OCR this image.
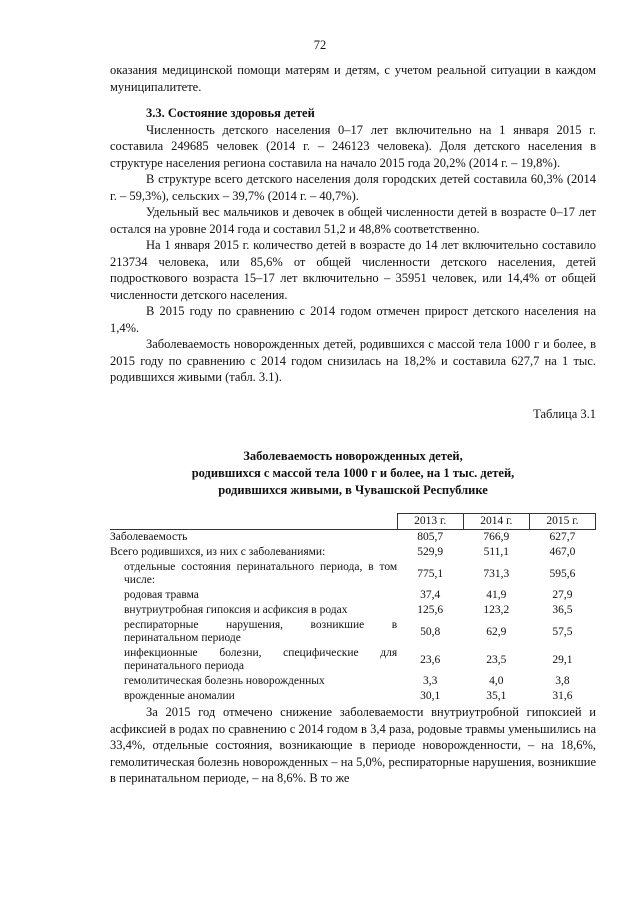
72

оказания медицинской помощи матерям и детям, с учетом реальной ситуации в каждом муниципалитете.

3.3. Состояние здоровья детей

Численность детского населения 0–17 лет включительно на 1 января 2015 г. составила 249685 человек (2014 г. – 246123 человека). Доля детского населения в структуре населения региона составила на начало 2015 года 20,2% (2014 г. – 19,8%).

В структуре всего детского населения доля городских детей составила 60,3% (2014 г. – 59,3%), сельских – 39,7% (2014 г. – 40,7%).

Удельный вес мальчиков и девочек в общей численности детей в возрасте 0–17 лет остался на уровне 2014 года и составил 51,2 и 48,8% соответственно.

На 1 января 2015 г. количество детей в возрасте до 14 лет включительно составило 213734 человека, или 85,6% от общей численности детского населения, детей подросткового возраста 15–17 лет включительно – 35951 человек, или 14,4% от общей численности детского населения.

В 2015 году по сравнению с 2014 годом отмечен прирост детского населения на 1,4%.

Заболеваемость новорожденных детей, родившихся с массой тела 1000 г и более, в 2015 году по сравнению с 2014 годом снизилась на 18,2% и составила 627,7 на 1 тыс. родившихся живыми (табл. 3.1).

Таблица 3.1
Заболеваемость новорожденных детей,
родившихся с массой тела 1000 г и более, на 1 тыс. детей,
родившихся живыми, в Чувашской Республике
	2013 г.	2014 г.	2015 г.
Заболеваемость	805,7	766,9	627,7
Всего родившихся, из них с заболеваниями:	529,9	511,1	467,0
отдельные состояния перинатального периода, в том числе:	775,1	731,3	595,6
родовая травма	37,4	41,9	27,9
внутриутробная гипоксия и асфиксия в родах	125,6	123,2	36,5
респираторные нарушения, возникшие в перинатальном периоде	50,8	62,9	57,5
инфекционные болезни, специфические для перинатального периода	23,6	23,5	29,1
гемолитическая болезнь новорожденных	3,3	4,0	3,8
врожденные аномалии	30,1	35,1	31,6

За 2015 год отмечено снижение заболеваемости внутриутробной гипоксией и асфиксией в родах по сравнению с 2014 годом в 3,4 раза, родовые травмы уменьшились на 33,4%, отдельные состояния, возникающие в периоде новорожденности, – на 18,6%, гемолитическая болезнь новорожденных – на 5,0%, респираторные нарушения, возникшие в перинатальном периоде, – на 8,6%. В то же
